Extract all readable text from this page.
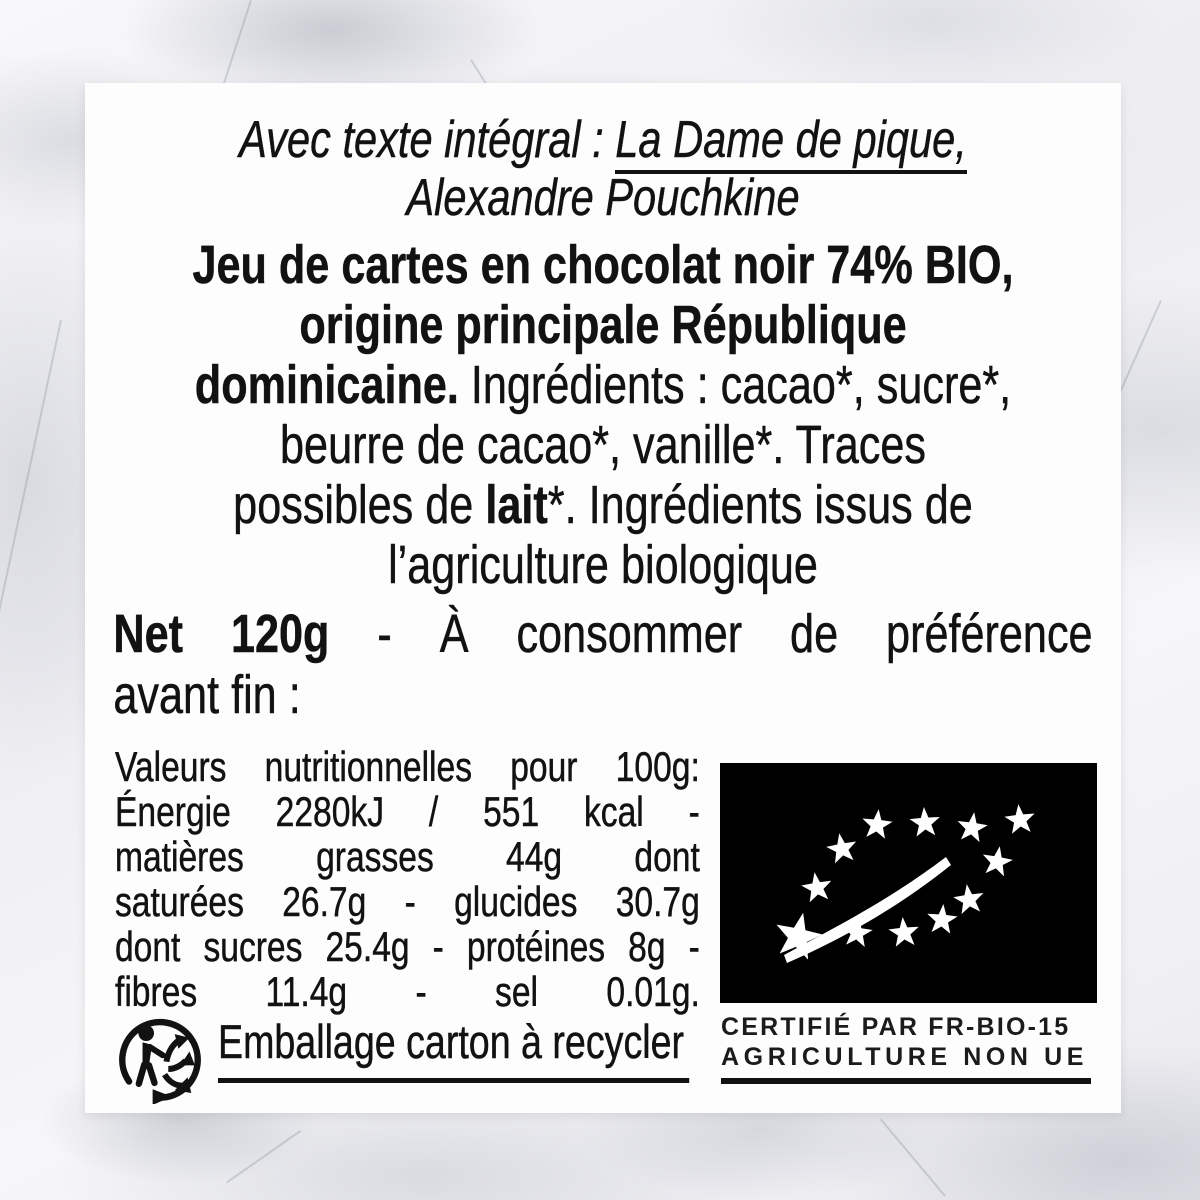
Avec texte intégral : La Dame de pique,
Alexandre Pouchkine
Jeu de cartes en chocolat noir 74% BIO,
origine principale République
dominicaine. Ingrédients : cacao*, sucre*,
beurre de cacao*, vanille*. Traces
possibles de lait*. Ingrédients issus de
l’agriculture biologique
Net 120g - À consommer de préférence
avant fin :
Valeurs nutritionnelles pour 100g:
Énergie 2280kJ / 551 kcal -
matières grasses 44g dont
saturées 26.7g - glucides 30.7g
dont sucres 25.4g - protéines 8g -
fibres 11.4g - sel 0.01g.
Emballage carton à recycler CERTIFIÉ PAR FR-BIO-15
AGRICULTURE NON UE
